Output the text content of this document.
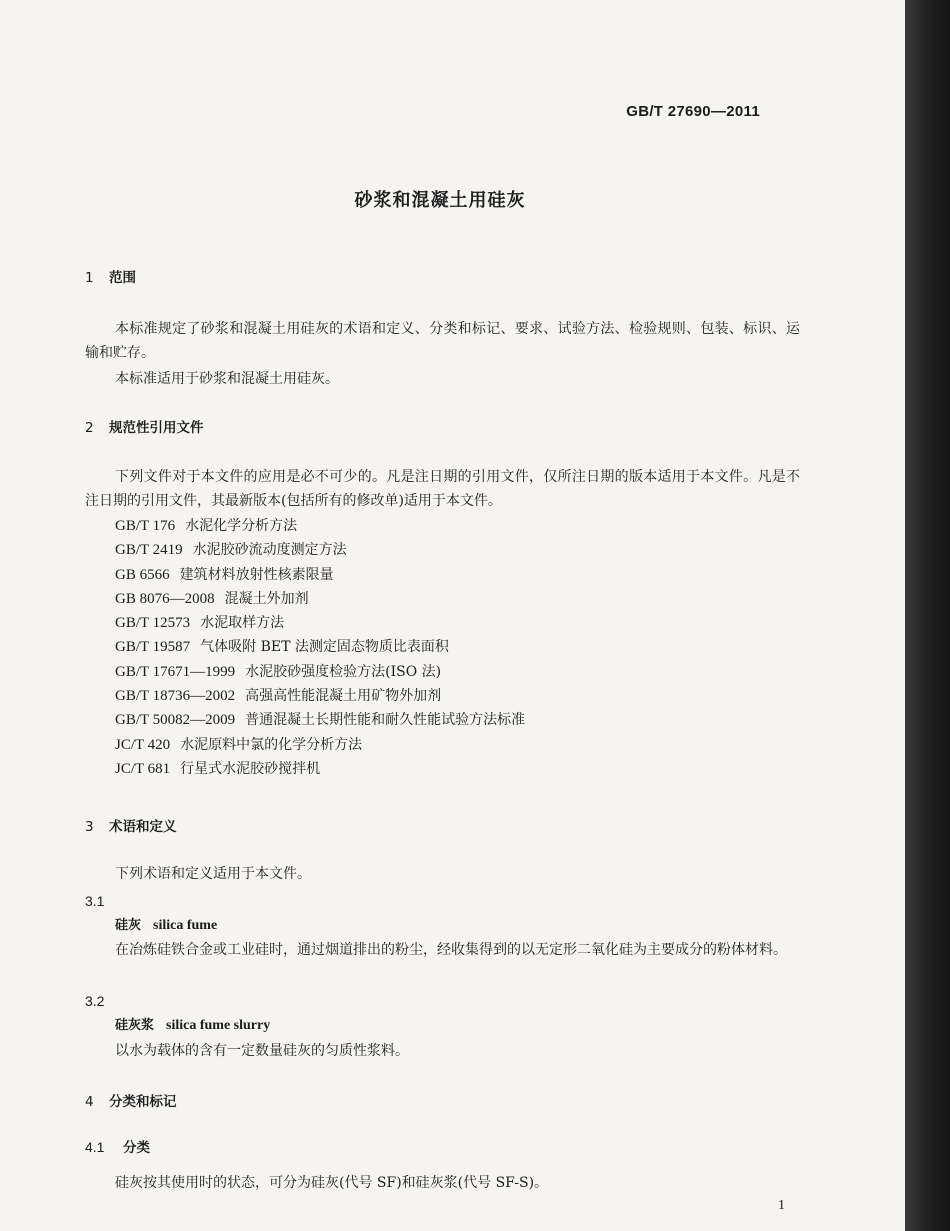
GB/T 27690—2011
砂浆和混凝土用硅灰
1 范围
本标准规定了砂浆和混凝土用硅灰的术语和定义、分类和标记、要求、试验方法、检验规则、包装、标识、运输和贮存。
本标准适用于砂浆和混凝土用硅灰。
2 规范性引用文件
下列文件对于本文件的应用是必不可少的。凡是注日期的引用文件，仅所注日期的版本适用于本文件。凡是不注日期的引用文件，其最新版本(包括所有的修改单)适用于本文件。
GB/T 176 水泥化学分析方法
GB/T 2419 水泥胶砂流动度测定方法
GB 6566 建筑材料放射性核素限量
GB 8076—2008 混凝土外加剂
GB/T 12573 水泥取样方法
GB/T 19587 气体吸附 BET 法测定固态物质比表面积
GB/T 17671—1999 水泥胶砂强度检验方法(ISO 法)
GB/T 18736—2002 高强高性能混凝土用矿物外加剂
GB/T 50082—2009 普通混凝土长期性能和耐久性能试验方法标准
JC/T 420 水泥原料中氯的化学分析方法
JC/T 681 行星式水泥胶砂搅拌机
3 术语和定义
下列术语和定义适用于本文件。
3.1
硅灰 silica fume
在冶炼硅铁合金或工业硅时，通过烟道排出的粉尘，经收集得到的以无定形二氧化硅为主要成分的粉体材料。
3.2
硅灰浆 silica fume slurry
以水为载体的含有一定数量硅灰的匀质性浆料。
4 分类和标记
4.1 分类
硅灰按其使用时的状态，可分为硅灰(代号 SF)和硅灰浆(代号 SF-S)。
1
